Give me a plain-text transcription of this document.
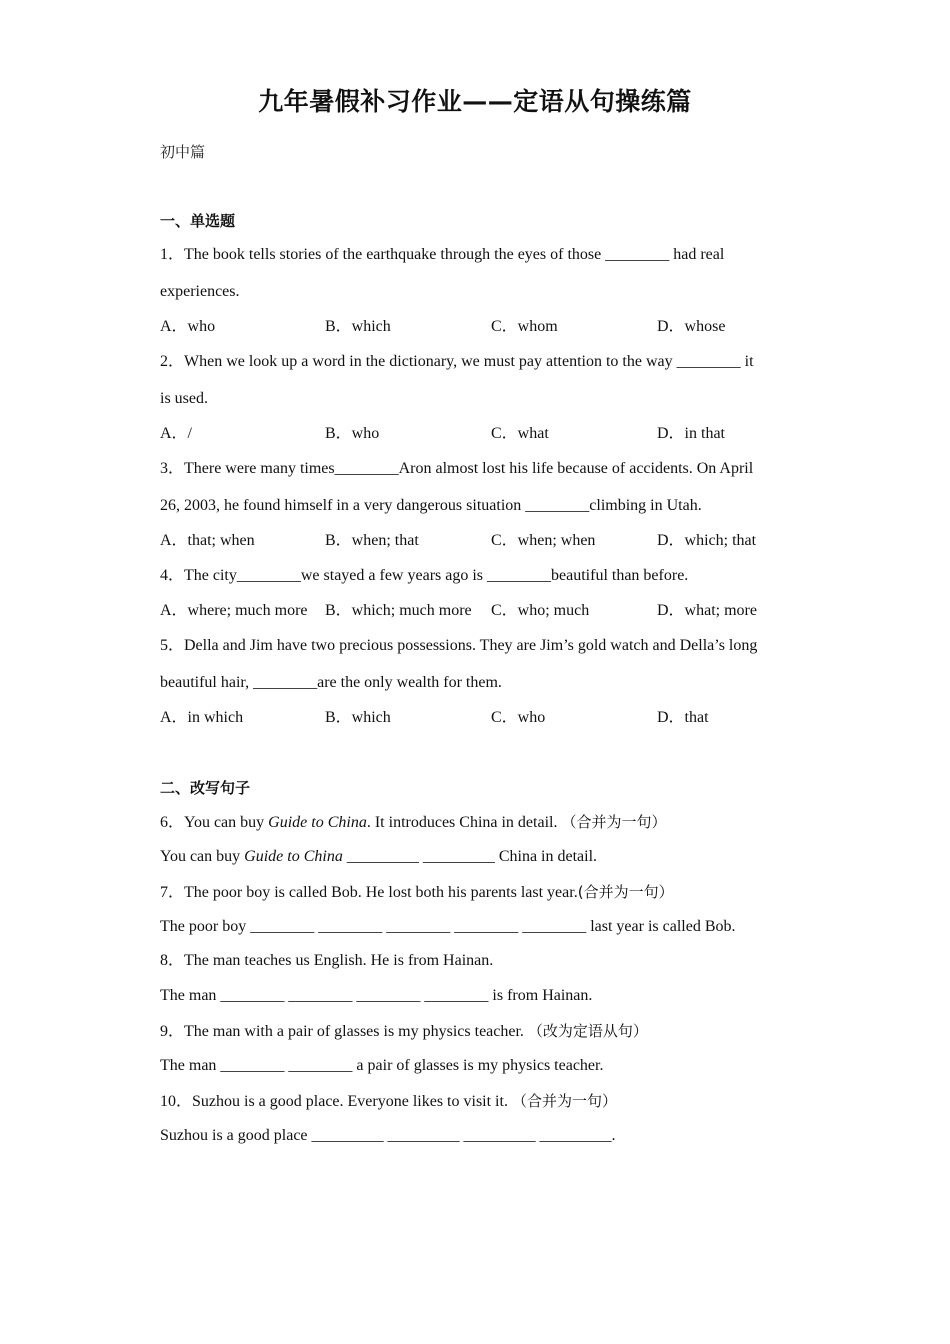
九年暑假补习作业——定语从句操练篇
初中篇
一、单选题
1．The book tells stories of the earthquake through the eyes of those ________ had real
experiences.
A．who	B．which	C．whom	D．whose
2．When we look up a word in the dictionary, we must pay attention to the way ________ it
is used.
A．/	B．who	C．what	D．in that
3．There were many times________Aron almost lost his life because of accidents. On April
26, 2003, he found himself in a very dangerous situation ________climbing in Utah.
A．that; when	B．when; that	C．when; when	D．which; that
4．The city________we stayed a few years ago is ________beautiful than before.
A．where; much more B．which; much more C．who; much	D．what; more
5．Della and Jim have two precious possessions. They are Jim’s gold watch and Della’s long
beautiful hair, ________are the only wealth for them.
A．in which	B．which	C．who	D．that
二、改写句子
6．You can buy Guide to China. It introduces China in detail. （合并为一句）
You can buy Guide to China _________ _________ China in detail.
7．The poor boy is called Bob. He lost both his parents last year.(合并为一句）
The poor boy ________ ________ ________ ________ ________ last year is called Bob.
8．The man teaches us English. He is from Hainan.
The man ________ ________ ________ ________ is from Hainan.
9．The man with a pair of glasses is my physics teacher. （改为定语从句）
The man ________ ________ a pair of glasses is my physics teacher.
10．Suzhou is a good place. Everyone likes to visit it. （合并为一句）
Suzhou is a good place _________ _________ _________ _________.
